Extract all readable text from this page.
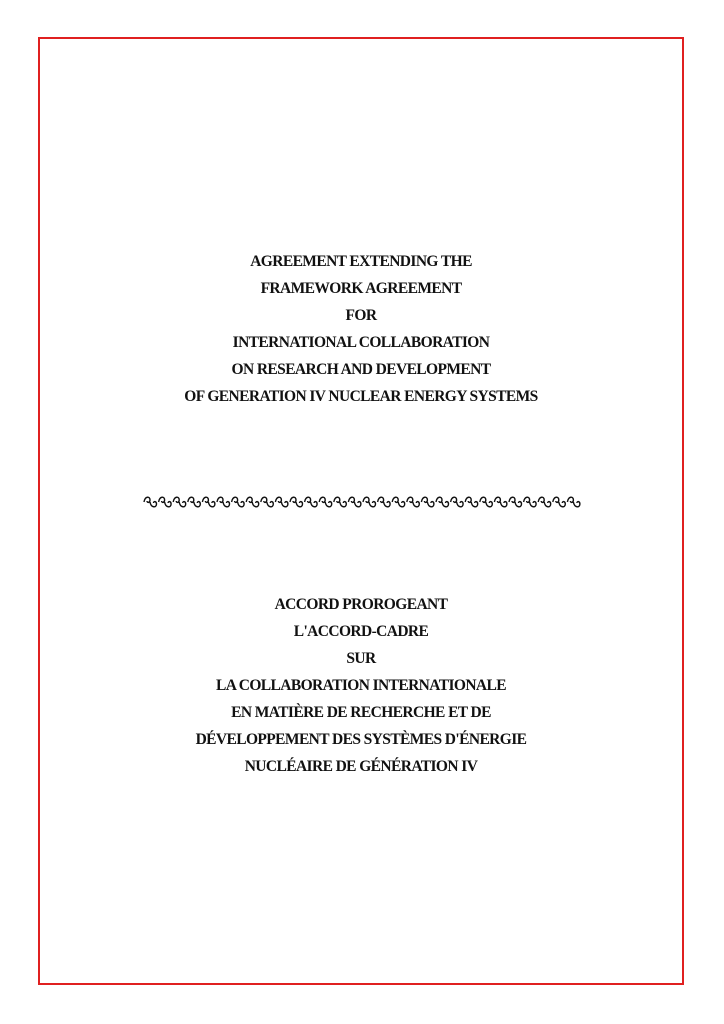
AGREEMENT EXTENDING THE
FRAMEWORK AGREEMENT
FOR
INTERNATIONAL COLLABORATION
ON RESEARCH AND DEVELOPMENT
OF GENERATION IV NUCLEAR ENERGY SYSTEMS
ACCORD PROROGEANT
L'ACCORD-CADRE
SUR
LA COLLABORATION INTERNATIONALE
EN MATIÈRE DE RECHERCHE ET DE
DÉVELOPPEMENT DES SYSTÈMES D'ÉNERGIE
NUCLÉAIRE DE GÉNÉRATION IV
